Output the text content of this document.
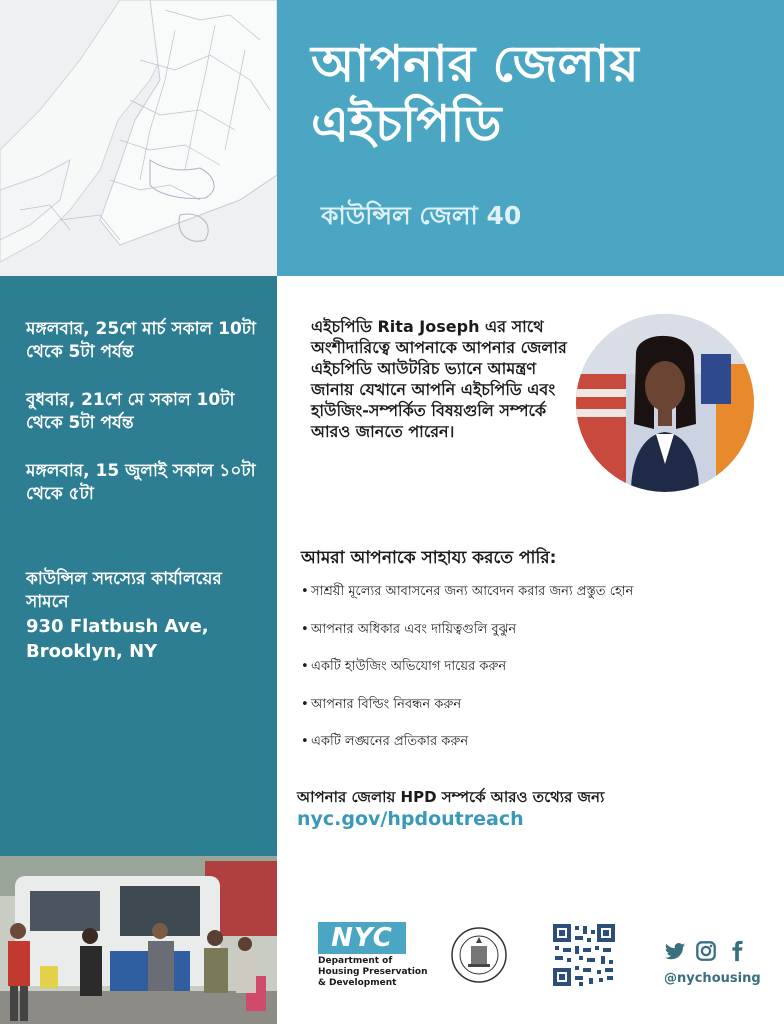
আপনার জেলায় এইচপিডি
কাউন্সিল জেলা 40
মঙ্গলবার, 25শে মার্চ সকাল 10টা থেকে 5টা পর্যন্ত
বুধবার, 21শে মে সকাল 10টা থেকে 5টা পর্যন্ত
মঙ্গলবার, 15 জুলাই সকাল ১০টা থেকে ৫টা
কাউন্সিল সদস্যের কার্যালয়ের সামনে
930 Flatbush Ave,
Brooklyn, NY
এইচপিডি Rita Joseph এর সাথে অংশীদারিত্বে আপনাকে আপনার জেলার এইচপিডি আউটরিচ ভ্যানে আমন্ত্রণ জানায় যেখানে আপনি এইচপিডি এবং হাউজিং-সম্পর্কিত বিষয়গুলি সম্পর্কে আরও জানতে পারেন।
আমরা আপনাকে সাহায্য করতে পারি:
• সাশ্রয়ী মূল্যের আবাসনের জন্য আবেদন করার জন্য প্রস্তুত হোন
• আপনার অধিকার এবং দায়িত্বগুলি বুঝুন
• একটি হাউজিং অভিযোগ দায়ের করুন
• আপনার বিল্ডিং নিবন্ধন করুন
• একটি লঙ্ঘনের প্রতিকার করুন
আপনার জেলায় HPD সম্পর্কে আরও তথ্যের জন্য
nyc.gov/hpdoutreach
NYC
Department of
Housing Preservation
& Development	@nychousing
